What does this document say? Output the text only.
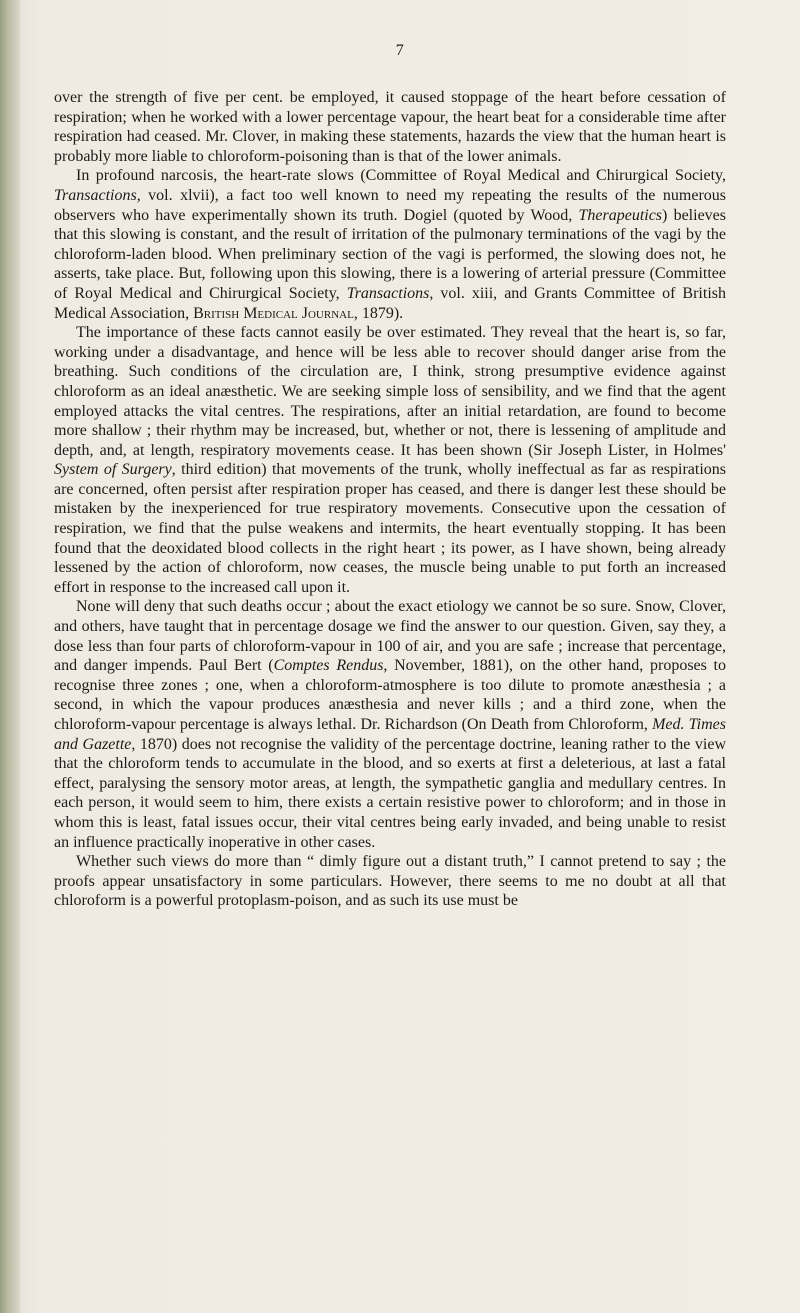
7

over the strength of five per cent. be employed, it caused stoppage of the heart before cessation of respiration; when he worked with a lower percentage vapour, the heart beat for a considerable time after respiration had ceased. Mr. Clover, in making these statements, hazards the view that the human heart is probably more liable to chloroform-poisoning than is that of the lower animals.

In profound narcosis, the heart-rate slows (Committee of Royal Medical and Chirurgical Society, Transactions, vol. xlvii), a fact too well known to need my repeating the results of the numerous observers who have experimentally shown its truth. Dogiel (quoted by Wood, Therapeutics) believes that this slowing is constant, and the result of irritation of the pulmonary terminations of the vagi by the chloroform-laden blood. When preliminary section of the vagi is performed, the slowing does not, he asserts, take place. But, following upon this slowing, there is a lowering of arterial pressure (Committee of Royal Medical and Chirurgical Society, Transactions, vol. xiii, and Grants Committee of British Medical Association, British Medical Journal, 1879).

The importance of these facts cannot easily be over estimated. They reveal that the heart is, so far, working under a disadvantage, and hence will be less able to recover should danger arise from the breathing. Such conditions of the circulation are, I think, strong presumptive evidence against chloroform as an ideal anæsthetic. We are seeking simple loss of sensibility, and we find that the agent employed attacks the vital centres. The respirations, after an initial retardation, are found to become more shallow ; their rhythm may be increased, but, whether or not, there is lessening of amplitude and depth, and, at length, respiratory movements cease. It has been shown (Sir Joseph Lister, in Holmes' System of Surgery, third edition) that movements of the trunk, wholly ineffectual as far as respirations are concerned, often persist after respiration proper has ceased, and there is danger lest these should be mistaken by the inexperienced for true respiratory movements. Consecutive upon the cessation of respiration, we find that the pulse weakens and intermits, the heart eventually stopping. It has been found that the deoxidated blood collects in the right heart ; its power, as I have shown, being already lessened by the action of chloroform, now ceases, the muscle being unable to put forth an increased effort in response to the increased call upon it.

None will deny that such deaths occur ; about the exact etiology we cannot be so sure. Snow, Clover, and others, have taught that in percentage dosage we find the answer to our question. Given, say they, a dose less than four parts of chloroform-vapour in 100 of air, and you are safe ; increase that percentage, and danger impends. Paul Bert (Comptes Rendus, November, 1881), on the other hand, proposes to recognise three zones ; one, when a chloroform-atmosphere is too dilute to promote anæsthesia ; a second, in which the vapour produces anæsthesia and never kills ; and a third zone, when the chloroform-vapour percentage is always lethal. Dr. Richardson (On Death from Chloroform, Med. Times and Gazette, 1870) does not recognise the validity of the percentage doctrine, leaning rather to the view that the chloroform tends to accumulate in the blood, and so exerts at first a deleterious, at last a fatal effect, paralysing the sensory motor areas, at length, the sympathetic ganglia and medullary centres. In each person, it would seem to him, there exists a certain resistive power to chloroform; and in those in whom this is least, fatal issues occur, their vital centres being early invaded, and being unable to resist an influence practically inoperative in other cases.

Whether such views do more than “ dimly figure out a distant truth,” I cannot pretend to say ; the proofs appear unsatisfactory in some particulars. However, there seems to me no doubt at all that chloroform is a powerful protoplasm-poison, and as such its use must be
